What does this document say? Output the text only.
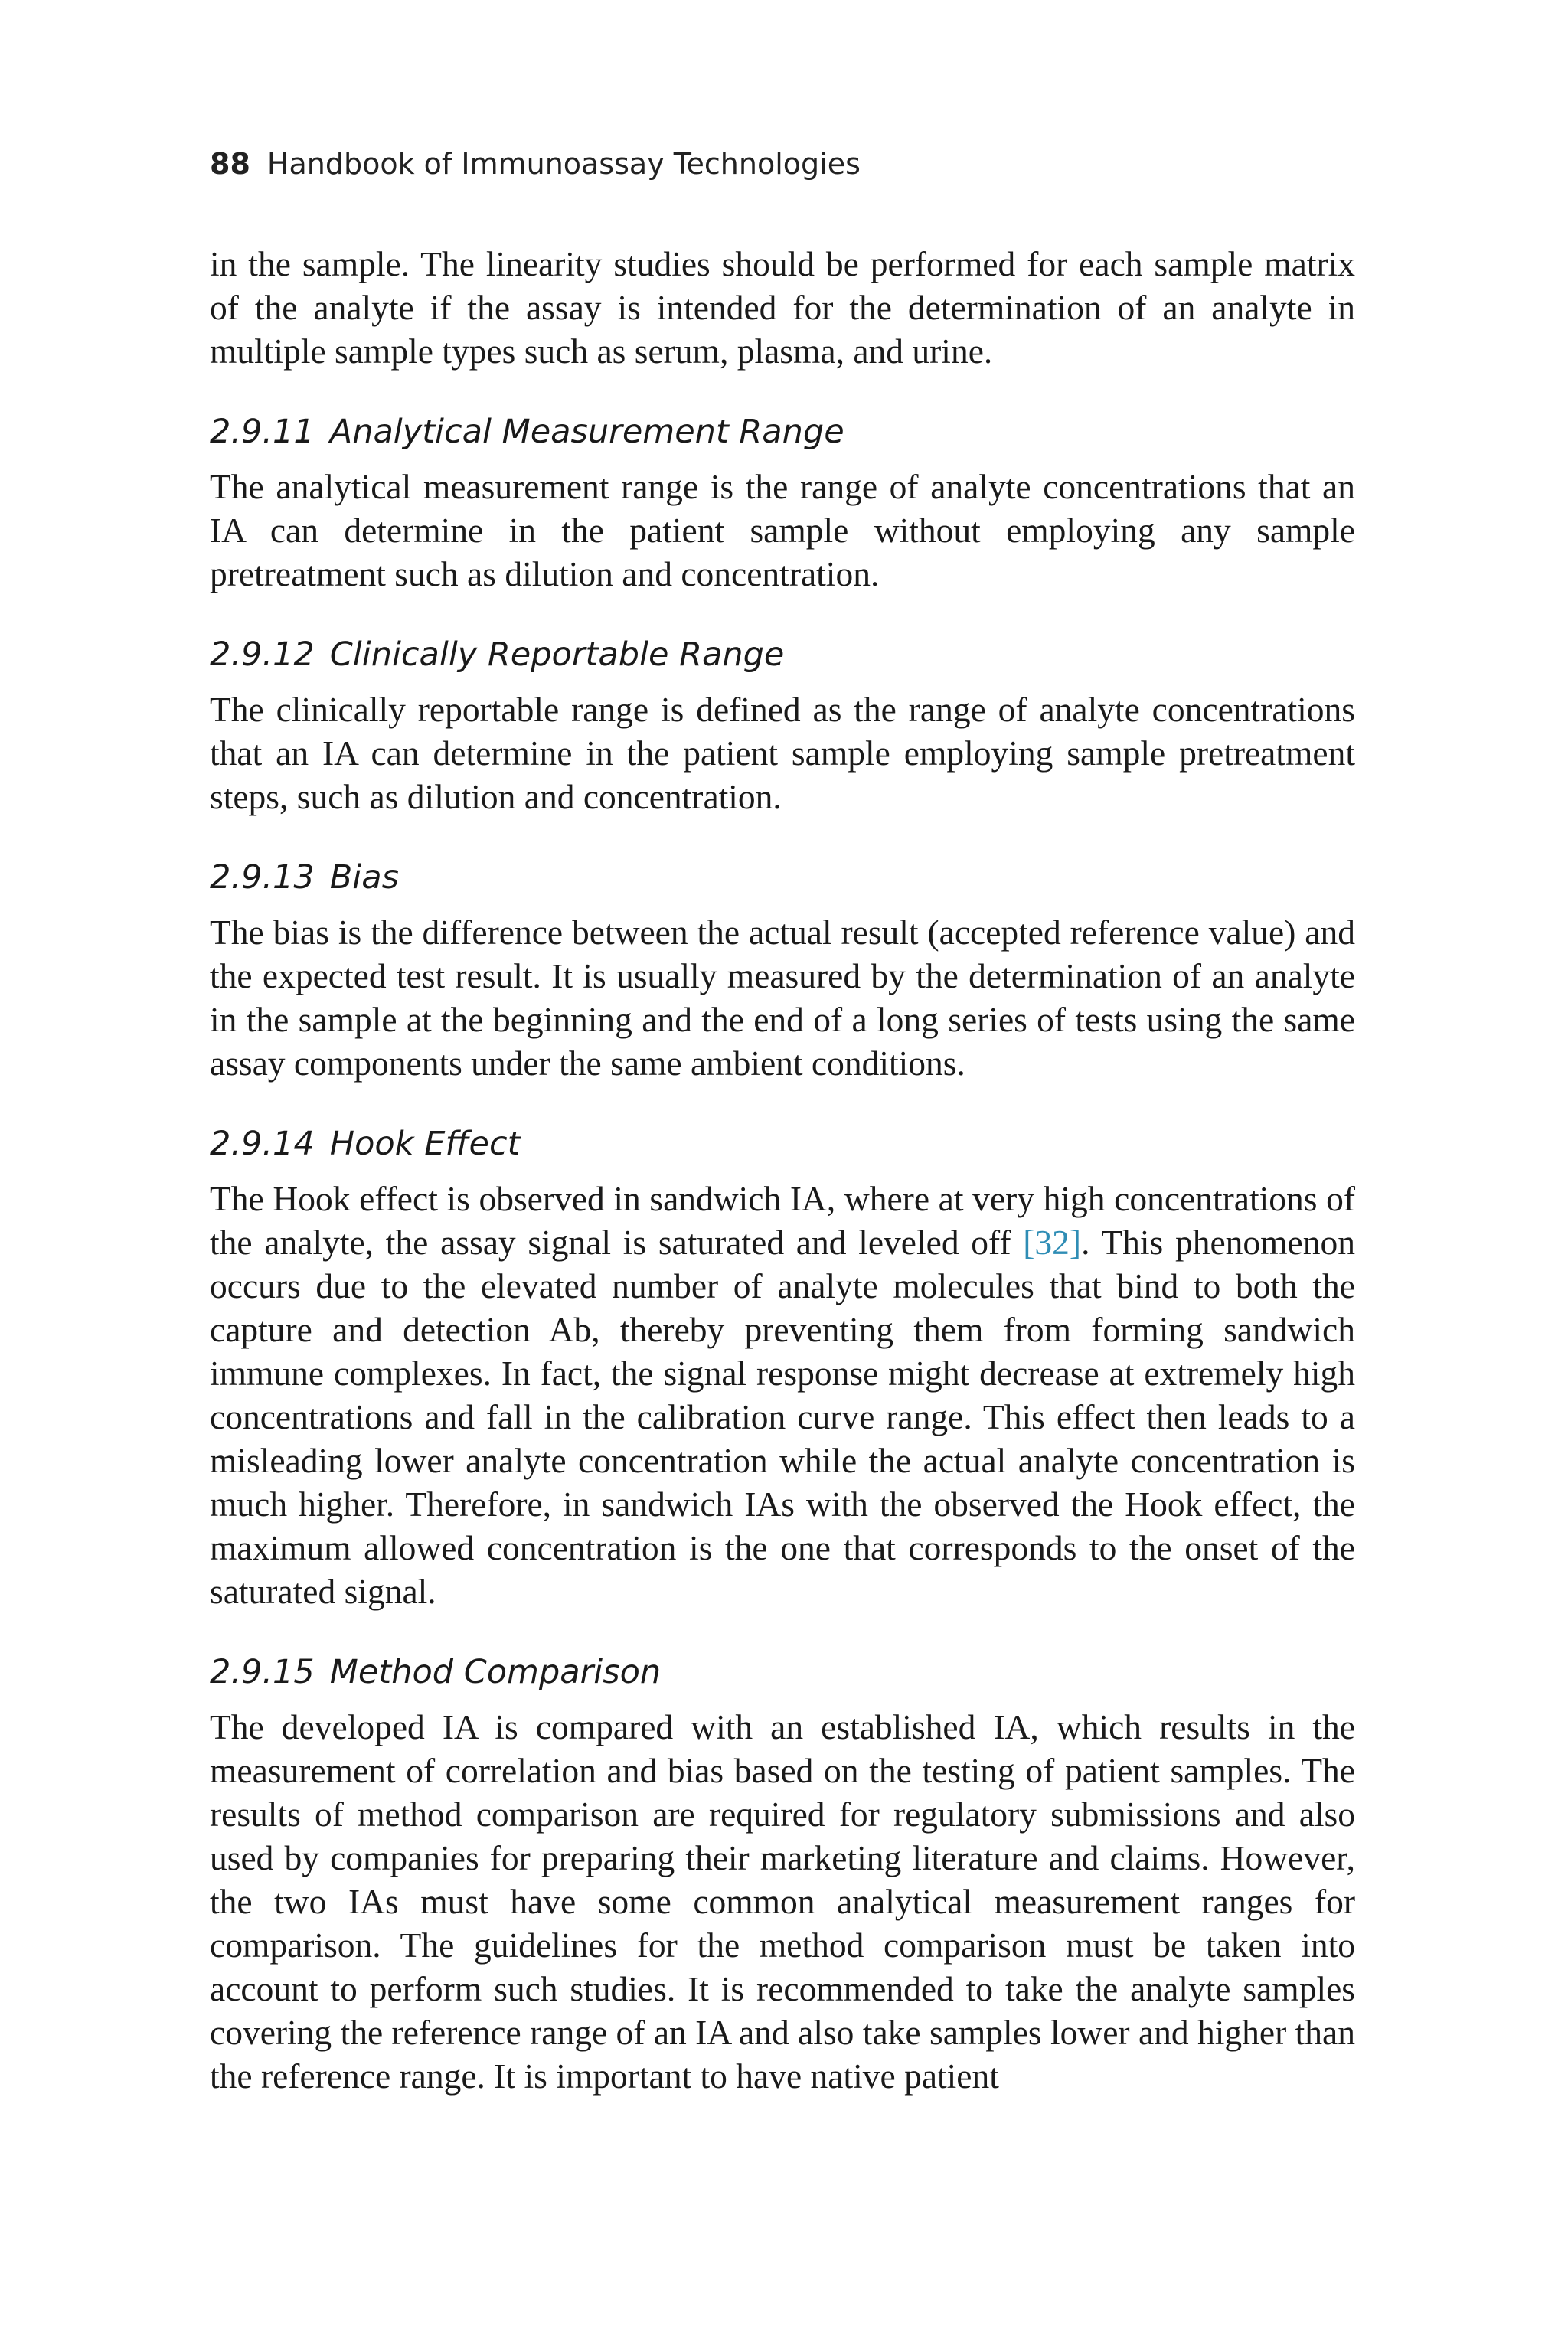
88 Handbook of Immunoassay Technologies

in the sample. The linearity studies should be performed for each sample matrix of the analyte if the assay is intended for the determination of an analyte in multiple sample types such as serum, plasma, and urine.

2.9.11 Analytical Measurement Range

The analytical measurement range is the range of analyte concentrations that an IA can determine in the patient sample without employing any sample pretreatment such as dilution and concentration.

2.9.12 Clinically Reportable Range

The clinically reportable range is defined as the range of analyte concentrations that an IA can determine in the patient sample employing sample pretreatment steps, such as dilution and concentration.

2.9.13 Bias

The bias is the difference between the actual result (accepted reference value) and the expected test result. It is usually measured by the determination of an analyte in the sample at the beginning and the end of a long series of tests using the same assay components under the same ambient conditions.

2.9.14 Hook Effect

The Hook effect is observed in sandwich IA, where at very high concentrations of the analyte, the assay signal is saturated and leveled off [32]. This phenomenon occurs due to the elevated number of analyte molecules that bind to both the capture and detection Ab, thereby preventing them from forming sandwich immune complexes. In fact, the signal response might decrease at extremely high concentrations and fall in the calibration curve range. This effect then leads to a misleading lower analyte concentration while the actual analyte concentration is much higher. Therefore, in sandwich IAs with the observed the Hook effect, the maximum allowed concentration is the one that corresponds to the onset of the saturated signal.

2.9.15 Method Comparison

The developed IA is compared with an established IA, which results in the measurement of correlation and bias based on the testing of patient samples. The results of method comparison are required for regulatory submissions and also used by companies for preparing their marketing literature and claims. However, the two IAs must have some common analytical measurement ranges for comparison. The guidelines for the method comparison must be taken into account to perform such studies. It is recommended to take the analyte samples covering the reference range of an IA and also take samples lower and higher than the reference range. It is important to have native patient
